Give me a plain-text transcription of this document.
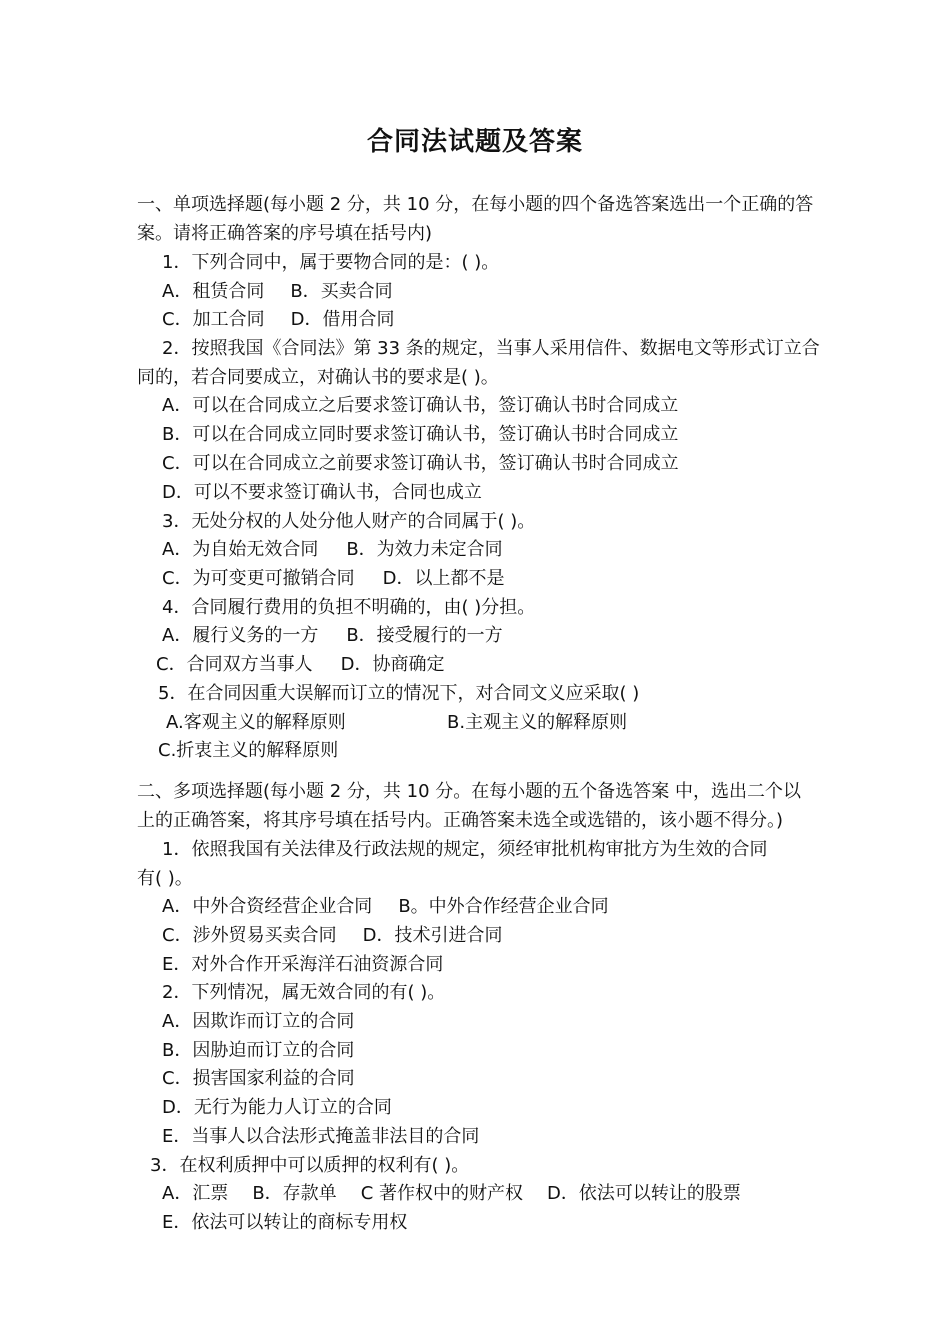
合同法试题及答案
一、单项选择题(每小题 2 分，共 10 分，在每小题的四个备选答案选出一个正确的答
案。请将正确答案的序号填在括号内)
1．下列合同中，属于要物合同的是：( )。
A．租赁合同 B．买卖合同
C．加工合同 D．借用合同
2．按照我国《合同法》第 33 条的规定，当事人采用信件、数据电文等形式订立合
同的，若合同要成立，对确认书的要求是( )。
A．可以在合同成立之后要求签订确认书，签订确认书时合同成立
B．可以在合同成立同时要求签订确认书，签订确认书时合同成立
C．可以在合同成立之前要求签订确认书，签订确认书时合同成立
D．可以不要求签订确认书，合同也成立
3．无处分权的人处分他人财产的合同属于( )。
A．为自始无效合同 B．为效力未定合同
C．为可变更可撤销合同 D．以上都不是
4．合同履行费用的负担不明确的，由( )分担。
A．履行义务的一方 B．接受履行的一方
C．合同双方当事人 D．协商确定
5．在合同因重大误解而订立的情况下，对合同文义应采取( )
A.客观主义的解释原则	B.主观主义的解释原则
C.折衷主义的解释原则
二、多项选择题(每小题 2 分，共 10 分。在每小题的五个备选答案 中，选出二个以
上的正确答案，将其序号填在括号内。正确答案未选全或选错的，该小题不得分。)
1．依照我国有关法律及行政法规的规定，须经审批机构审批方为生效的合同
有( )。
A．中外合资经营企业合同 B。中外合作经营企业合同
C．涉外贸易买卖合同 D．技术引进合同
E．对外合作开采海洋石油资源合同
2．下列情况，属无效合同的有( )。
A．因欺诈而订立的合同
B．因胁迫而订立的合同
C．损害国家利益的合同
D．无行为能力人订立的合同
E．当事人以合法形式掩盖非法目的合同
3．在权利质押中可以质押的权利有( )。
A．汇票 B．存款单 C 著作权中的财产权 D．依法可以转让的股票
E．依法可以转让的商标专用权
